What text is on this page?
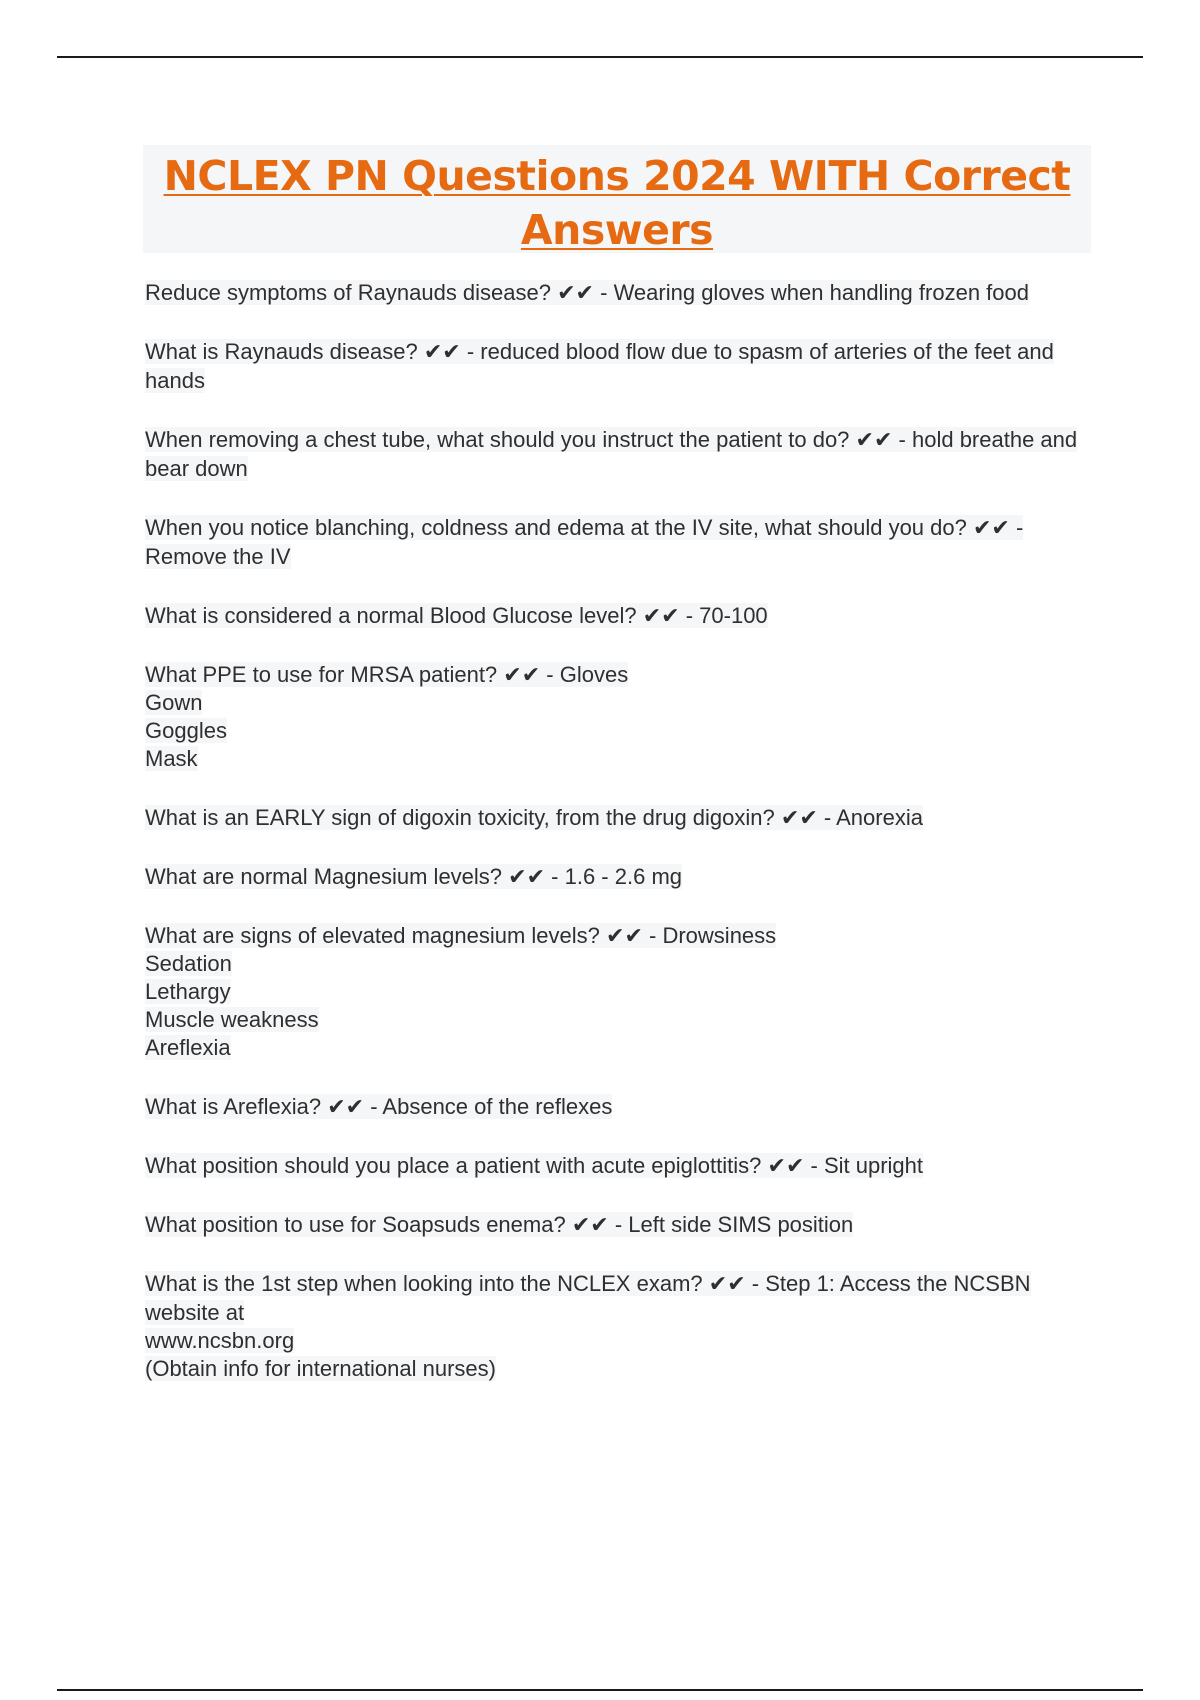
NCLEX PN Questions 2024 WITH Correct Answers

Reduce symptoms of Raynauds disease? ✔✔ - Wearing gloves when handling frozen food

What is Raynauds disease? ✔✔ - reduced blood flow due to spasm of arteries of the feet and hands

When removing a chest tube, what should you instruct the patient to do? ✔✔ - hold breathe and bear down

When you notice blanching, coldness and edema at the IV site, what should you do? ✔✔ - Remove the IV

What is considered a normal Blood Glucose level? ✔✔ - 70-100

What PPE to use for MRSA patient? ✔✔ - Gloves

Gown
Goggles
Mask

What is an EARLY sign of digoxin toxicity, from the drug digoxin? ✔✔ - Anorexia

What are normal Magnesium levels? ✔✔ - 1.6 - 2.6 mg

What are signs of elevated magnesium levels? ✔✔ - Drowsiness

Sedation
Lethargy
Muscle weakness
Areflexia

What is Areflexia? ✔✔ - Absence of the reflexes

What position should you place a patient with acute epiglottitis? ✔✔ - Sit upright

What position to use for Soapsuds enema? ✔✔ - Left side SIMS position

What is the 1st step when looking into the NCLEX exam? ✔✔ - Step 1: Access the NCSBN website at

www.ncsbn.org
(Obtain info for international nurses)
